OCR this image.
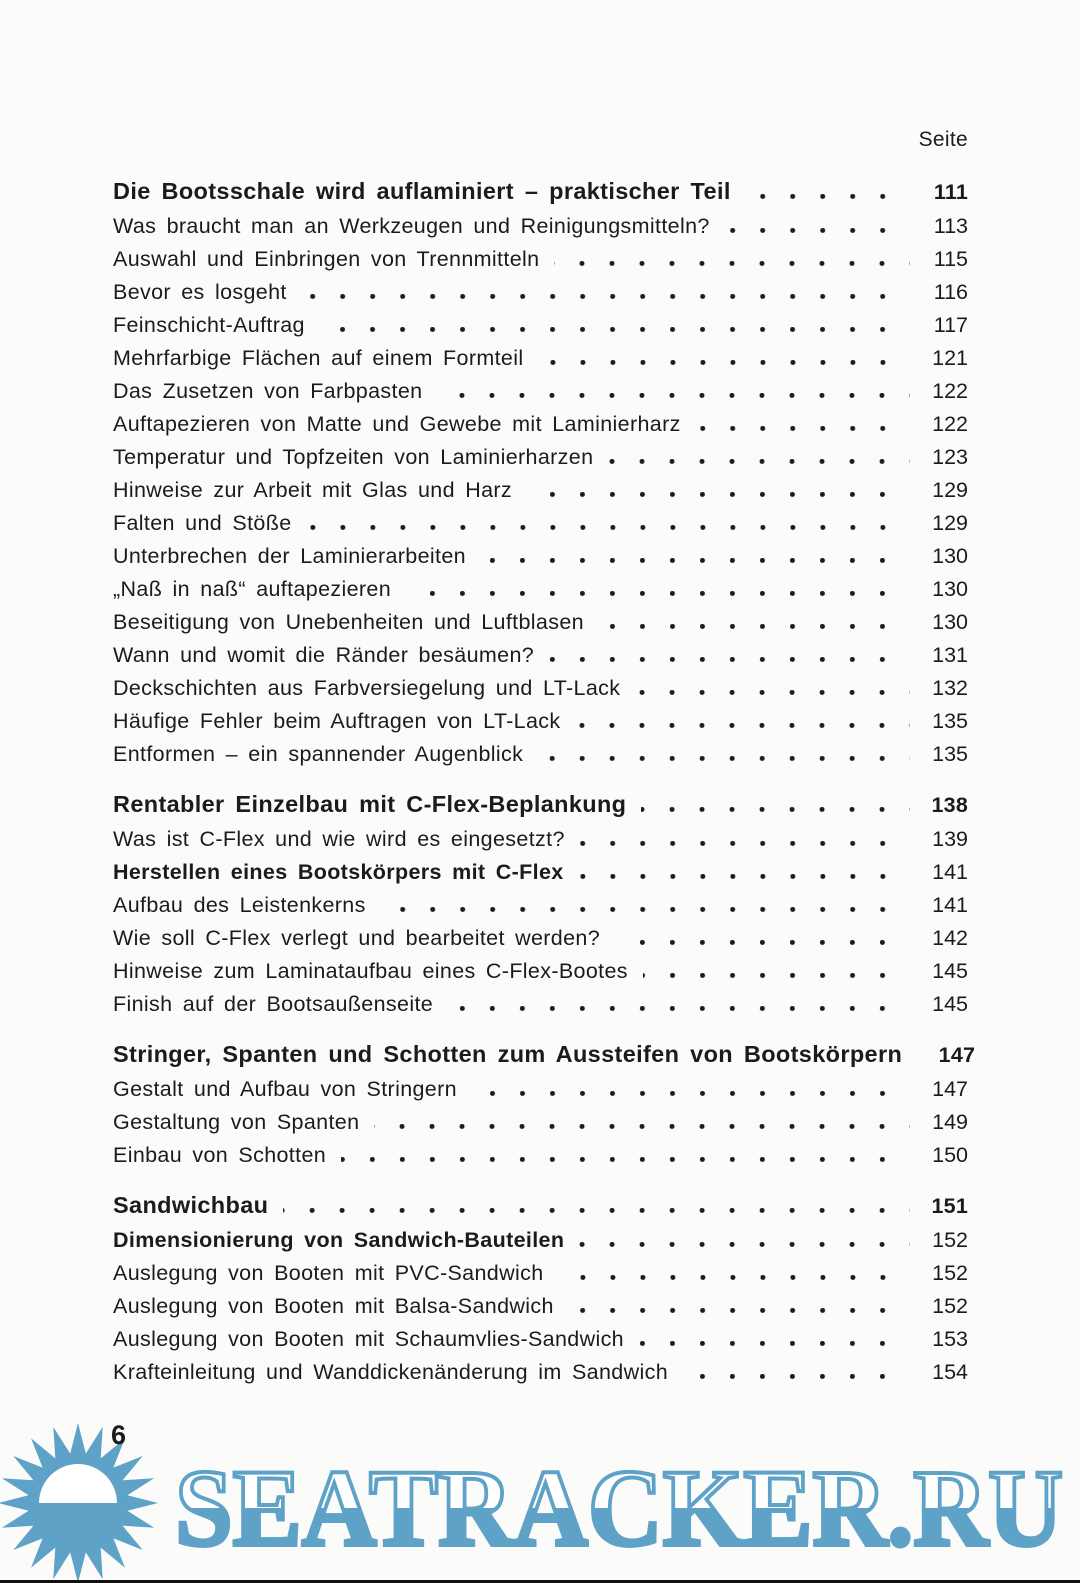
Seite
Die Bootsschale wird auflaminiert – praktischer Teil	111
Was braucht man an Werkzeugen und Reinigungsmitteln?	113
Auswahl und Einbringen von Trennmitteln	115
Bevor es losgeht	116
Feinschicht-Auftrag	117
Mehrfarbige Flächen auf einem Formteil	121
Das Zusetzen von Farbpasten	122
Auftapezieren von Matte und Gewebe mit Laminierharz	122
Temperatur und Topfzeiten von Laminierharzen	123
Hinweise zur Arbeit mit Glas und Harz	129
Falten und Stöße	129
Unterbrechen der Laminierarbeiten	130
„Naß in naß“ auftapezieren	130
Beseitigung von Unebenheiten und Luftblasen	130
Wann und womit die Ränder besäumen?	131
Deckschichten aus Farbversiegelung und LT-Lack	132
Häufige Fehler beim Auftragen von LT-Lack	135
Entformen – ein spannender Augenblick	135
Rentabler Einzelbau mit C-Flex-Beplankung	138
Was ist C-Flex und wie wird es eingesetzt?	139
Herstellen eines Bootskörpers mit C-Flex	141
Aufbau des Leistenkerns	141
Wie soll C-Flex verlegt und bearbeitet werden?	142
Hinweise zum Laminataufbau eines C-Flex-Bootes	145
Finish auf der Bootsaußenseite	145
Stringer, Spanten und Schotten zum Aussteifen von Bootskörpern	147
Gestalt und Aufbau von Stringern	147
Gestaltung von Spanten	149
Einbau von Schotten	150
Sandwichbau	151
Dimensionierung von Sandwich-Bauteilen	152
Auslegung von Booten mit PVC-Sandwich	152
Auslegung von Booten mit Balsa-Sandwich	152
Auslegung von Booten mit Schaumvlies-Sandwich	153
Krafteinleitung und Wanddickenänderung im Sandwich	154
6
SEATRACKER.RU
